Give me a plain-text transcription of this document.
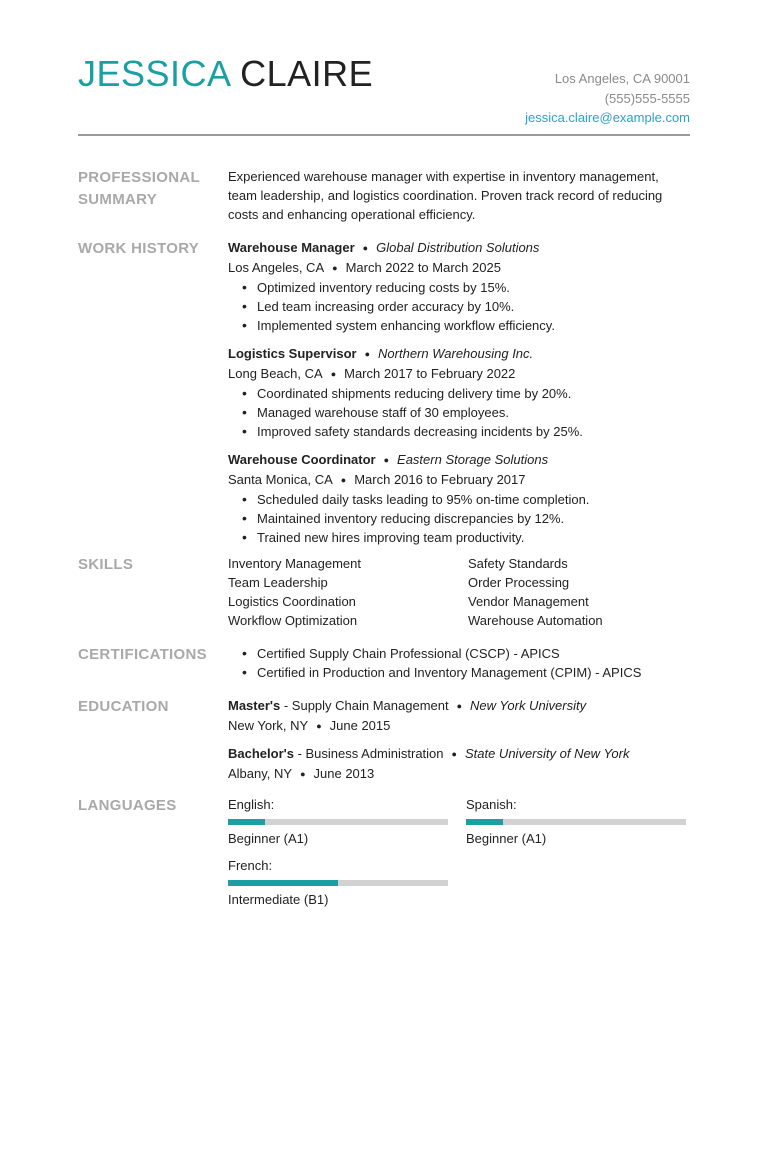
JESSICA CLAIRE	Los Angeles, CA 90001
(555)555-5555
jessica.claire@example.com
PROFESSIONAL SUMMARY

Experienced warehouse manager with expertise in inventory management, team leadership, and logistics coordination. Proven track record of reducing costs and enhancing operational efficiency.

WORK HISTORY	Warehouse Manager ● Global Distribution Solutions
Los Angeles, CA ● March 2022 to March 2025
• Optimized inventory reducing costs by 15%.
• Led team increasing order accuracy by 10%.
• Implemented system enhancing workflow efficiency.
Logistics Supervisor ● Northern Warehousing Inc.
Long Beach, CA ● March 2017 to February 2022
• Coordinated shipments reducing delivery time by 20%.
• Managed warehouse staff of 30 employees.
• Improved safety standards decreasing incidents by 25%.
Warehouse Coordinator ● Eastern Storage Solutions
Santa Monica, CA ● March 2016 to February 2017
• Scheduled daily tasks leading to 95% on-time completion.
• Maintained inventory reducing discrepancies by 12%.
• Trained new hires improving team productivity.
SKILLS	Inventory Management	Safety Standards
Team Leadership	Order Processing
Logistics Coordination	Vendor Management
Workflow Optimization	Warehouse Automation
CERTIFICATIONS
•	Certified Supply Chain Professional (CSCP) - APICS
• Certified in Production and Inventory Management (CPIM) - APICS
EDUCATION	Master's - Supply Chain Management ● New York University
New York, NY ● June 2015
Bachelor's - Business Administration ● State University of New York
Albany, NY ● June 2013
LANGUAGES	English:
Beginner (A1)
Spanish:
Beginner (A1)
French:
Intermediate (B1)
